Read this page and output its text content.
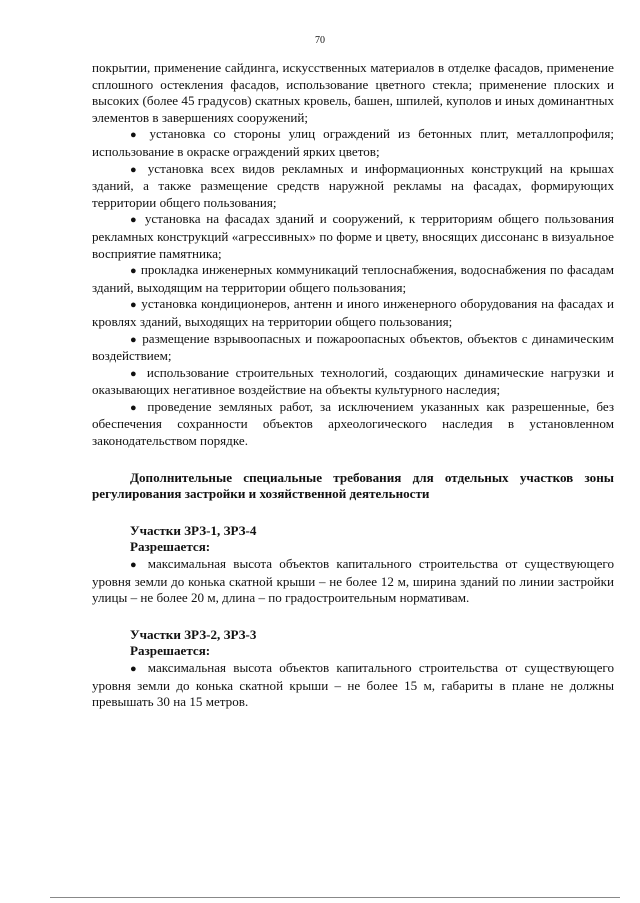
70

покрытии, применение сайдинга, искусственных материалов в отделке фасадов, применение сплошного остекления фасадов, использование цветного стекла; применение плоских и высоких (более 45 градусов) скатных кровель, башен, шпилей, куполов и иных доминантных элементов в завершениях сооружений;

● установка со стороны улиц ограждений из бетонных плит, металлопрофиля; использование в окраске ограждений ярких цветов;

● установка всех видов рекламных и информационных конструкций на крышах зданий, а также размещение средств наружной рекламы на фасадах, формирующих территории общего пользования;

● установка на фасадах зданий и сооружений, к территориям общего пользования рекламных конструкций «агрессивных» по форме и цвету, вносящих диссонанс в визуальное восприятие памятника;

● прокладка инженерных коммуникаций теплоснабжения, водоснабжения по фасадам зданий, выходящим на территории общего пользования;

● установка кондиционеров, антенн и иного инженерного оборудования на фасадах и кровлях зданий, выходящих на территории общего пользования;

● размещение взрывоопасных и пожароопасных объектов, объектов с динамическим воздействием;

● использование строительных технологий, создающих динамические нагрузки и оказывающих негативное воздействие на объекты культурного наследия;

● проведение земляных работ, за исключением указанных как разрешенные, без обеспечения сохранности объектов археологического наследия в установленном законодательством порядке.

Дополнительные специальные требования для отдельных участков зоны регулирования застройки и хозяйственной деятельности

Участки ЗРЗ-1, ЗРЗ-4

Разрешается:

● максимальная высота объектов капитального строительства от существующего уровня земли до конька скатной крыши – не более 12 м, ширина зданий по линии застройки улицы – не более 20 м, длина – по градостроительным нормативам.

Участки ЗРЗ-2, ЗРЗ-3

Разрешается:

● максимальная высота объектов капитального строительства от существующего уровня земли до конька скатной крыши – не более 15 м, габариты в плане не должны превышать 30 на 15 метров.
